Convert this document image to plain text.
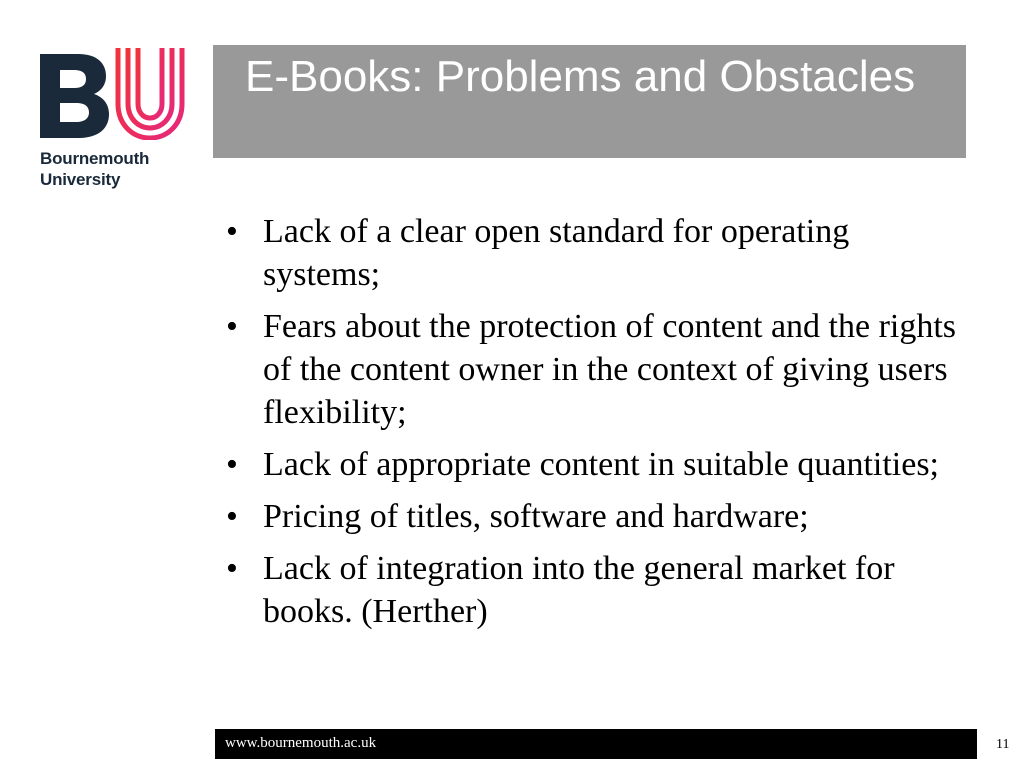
Bournemouth
University
E-Books: Problems and Obstacles
• Lack of a clear open standard for operating systems;
• Fears about the protection of content and the rights of the content owner in the context of giving users flexibility;
• Lack of appropriate content in suitable quantities;
• Pricing of titles, software and hardware;
• Lack of integration into the general market for books. (Herther)
www.bournemouth.ac.uk	11
